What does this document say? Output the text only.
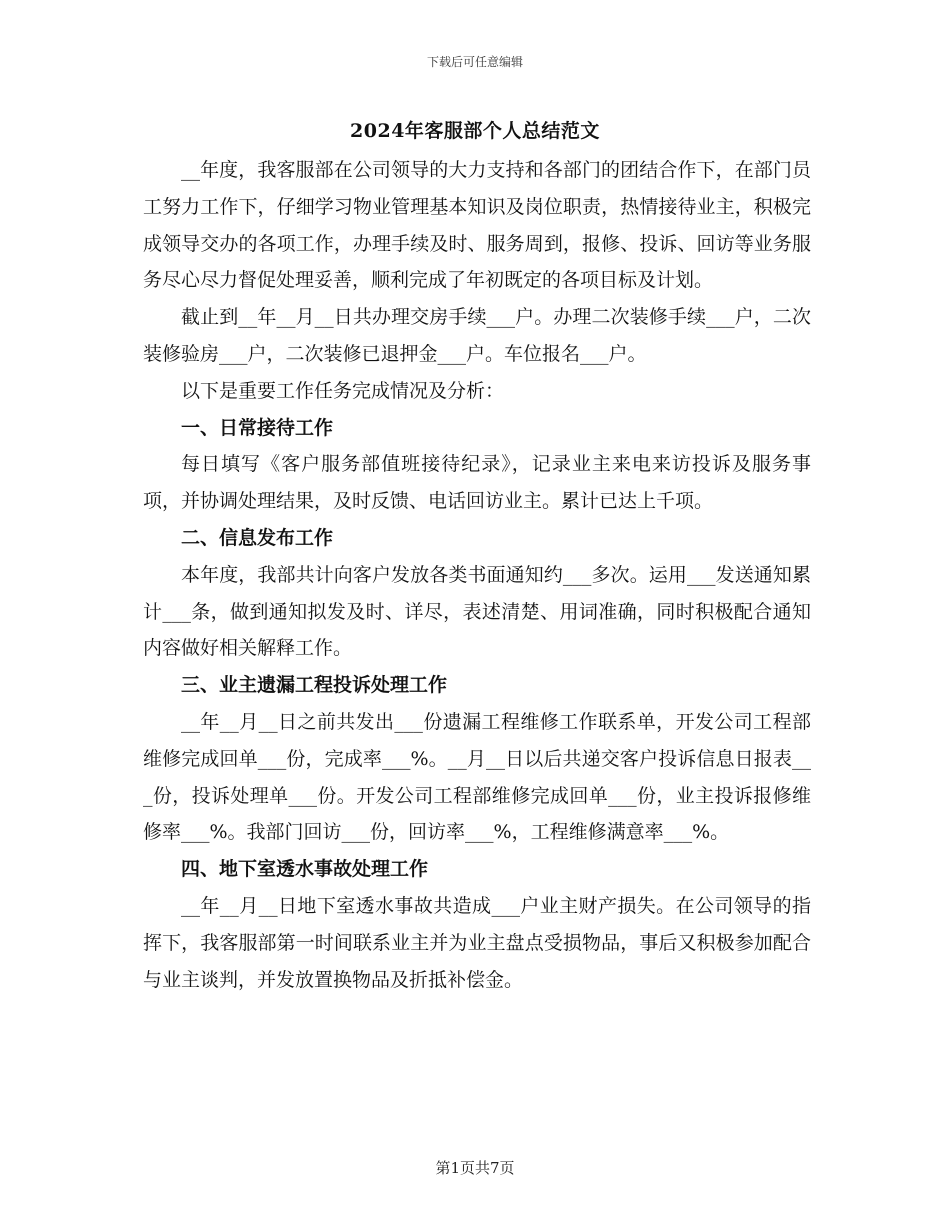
下载后可任意编辑
2024年客服部个人总结范文

__年度，我客服部在公司领导的大力支持和各部门的团结合作下，在部门员工努力工作下，仔细学习物业管理基本知识及岗位职责，热情接待业主，积极完成领导交办的各项工作，办理手续及时、服务周到，报修、投诉、回访等业务服务尽心尽力督促处理妥善，顺利完成了年初既定的各项目标及计划。

截止到__年__月__日共办理交房手续___户。办理二次装修手续___户，二次装修验房___户，二次装修已退押金___户。车位报名___户。

以下是重要工作任务完成情况及分析：

一、日常接待工作

每日填写《客户服务部值班接待纪录》，记录业主来电来访投诉及服务事项，并协调处理结果，及时反馈、电话回访业主。累计已达上千项。

二、信息发布工作

本年度，我部共计向客户发放各类书面通知约___多次。运用___发送通知累计___条，做到通知拟发及时、详尽，表述清楚、用词准确，同时积极配合通知内容做好相关解释工作。

三、业主遗漏工程投诉处理工作

__年__月__日之前共发出___份遗漏工程维修工作联系单，开发公司工程部维修完成回单___份，完成率___%。__月__日以后共递交客户投诉信息日报表___份，投诉处理单___份。开发公司工程部维修完成回单___份，业主投诉报修维修率___%。我部门回访___份，回访率___%，工程维修满意率___%。

四、地下室透水事故处理工作

__年__月__日地下室透水事故共造成___户业主财产损失。在公司领导的指挥下，我客服部第一时间联系业主并为业主盘点受损物品，事后又积极参加配合与业主谈判，并发放置换物品及折抵补偿金。

第1页共7页
